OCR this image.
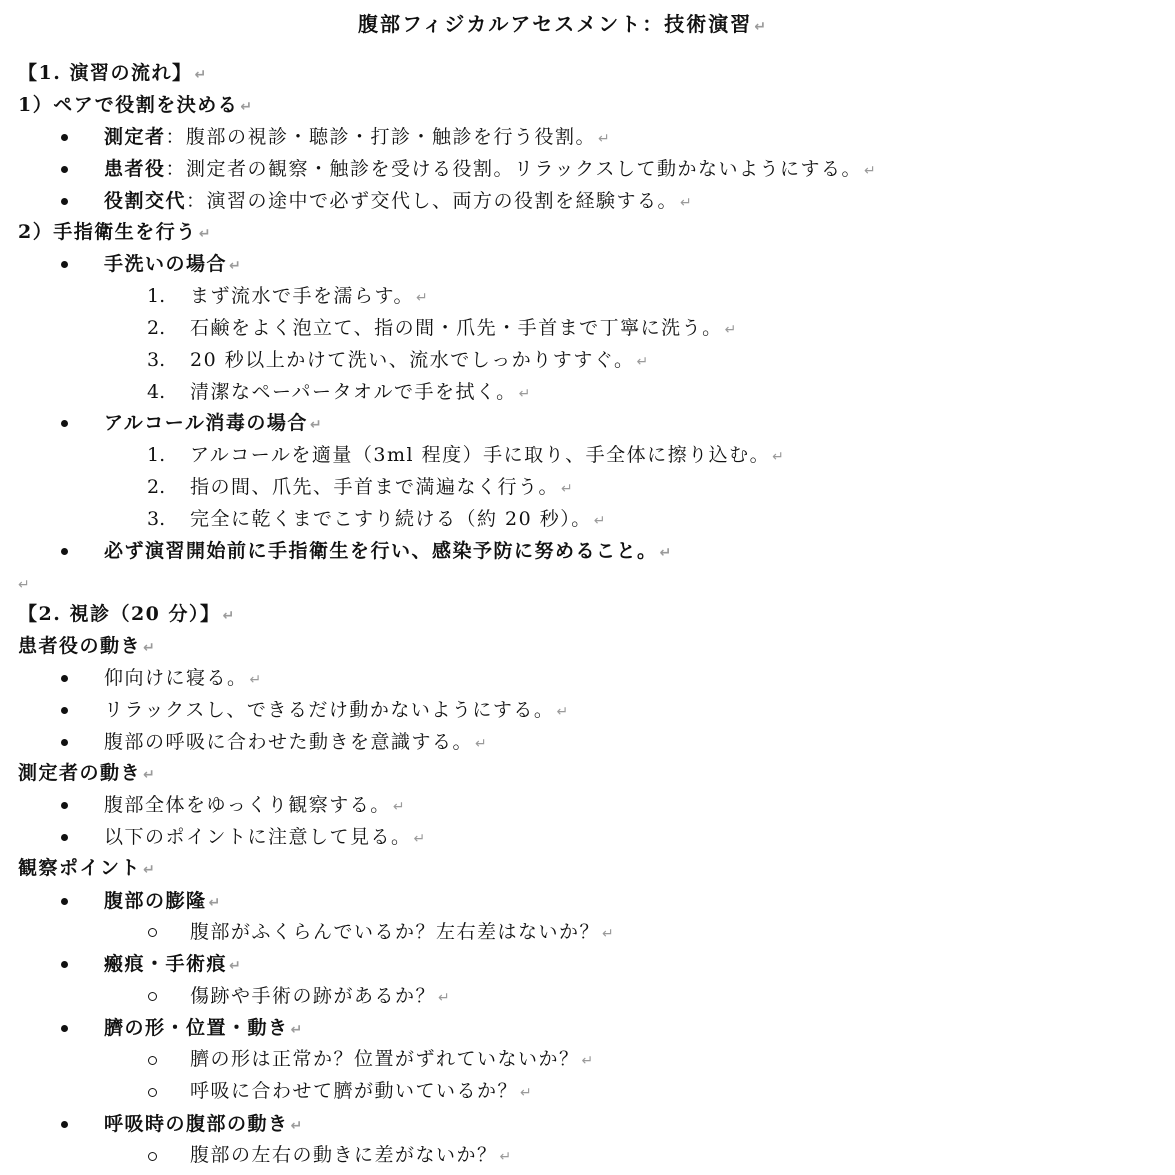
腹部フィジカルアセスメント：技術演習 ↵
【1. 演習の流れ】 ↵
1）ペアで役割を決める ↵
測定者：腹部の視診・聴診・打診・触診を行う役割。 ↵
患者役：測定者の観察・触診を受ける役割。リラックスして動かないようにする。 ↵
役割交代：演習の途中で必ず交代し、両方の役割を経験する。 ↵
2）手指衛生を行う ↵
手洗いの場合 ↵
1. まず流水で手を濡らす。 ↵
2. 石鹸をよく泡立て、指の間・爪先・手首まで丁寧に洗う。 ↵
3. 20 秒以上かけて洗い、流水でしっかりすすぐ。 ↵
4. 清潔なペーパータオルで手を拭く。 ↵
アルコール消毒の場合 ↵
1. アルコールを適量（3ml 程度）手に取り、手全体に擦り込む。 ↵
2. 指の間、爪先、手首まで満遍なく行う。 ↵
3. 完全に乾くまでこすり続ける（約 20 秒）。 ↵
必ず演習開始前に手指衛生を行い、感染予防に努めること。 ↵
↵
【2. 視診（20 分）】 ↵
患者役の動き ↵
仰向けに寝る。 ↵
リラックスし、できるだけ動かないようにする。 ↵
腹部の呼吸に合わせた動きを意識する。 ↵
測定者の動き ↵
腹部全体をゆっくり観察する。 ↵
以下のポイントに注意して見る。 ↵
観察ポイント ↵
腹部の膨隆 ↵
腹部がふくらんでいるか？左右差はないか？ ↵
瘢痕・手術痕 ↵
傷跡や手術の跡があるか？ ↵
臍の形・位置・動き ↵
臍の形は正常か？位置がずれていないか？ ↵
呼吸に合わせて臍が動いているか？ ↵
呼吸時の腹部の動き ↵
腹部の左右の動きに差がないか？ ↵
